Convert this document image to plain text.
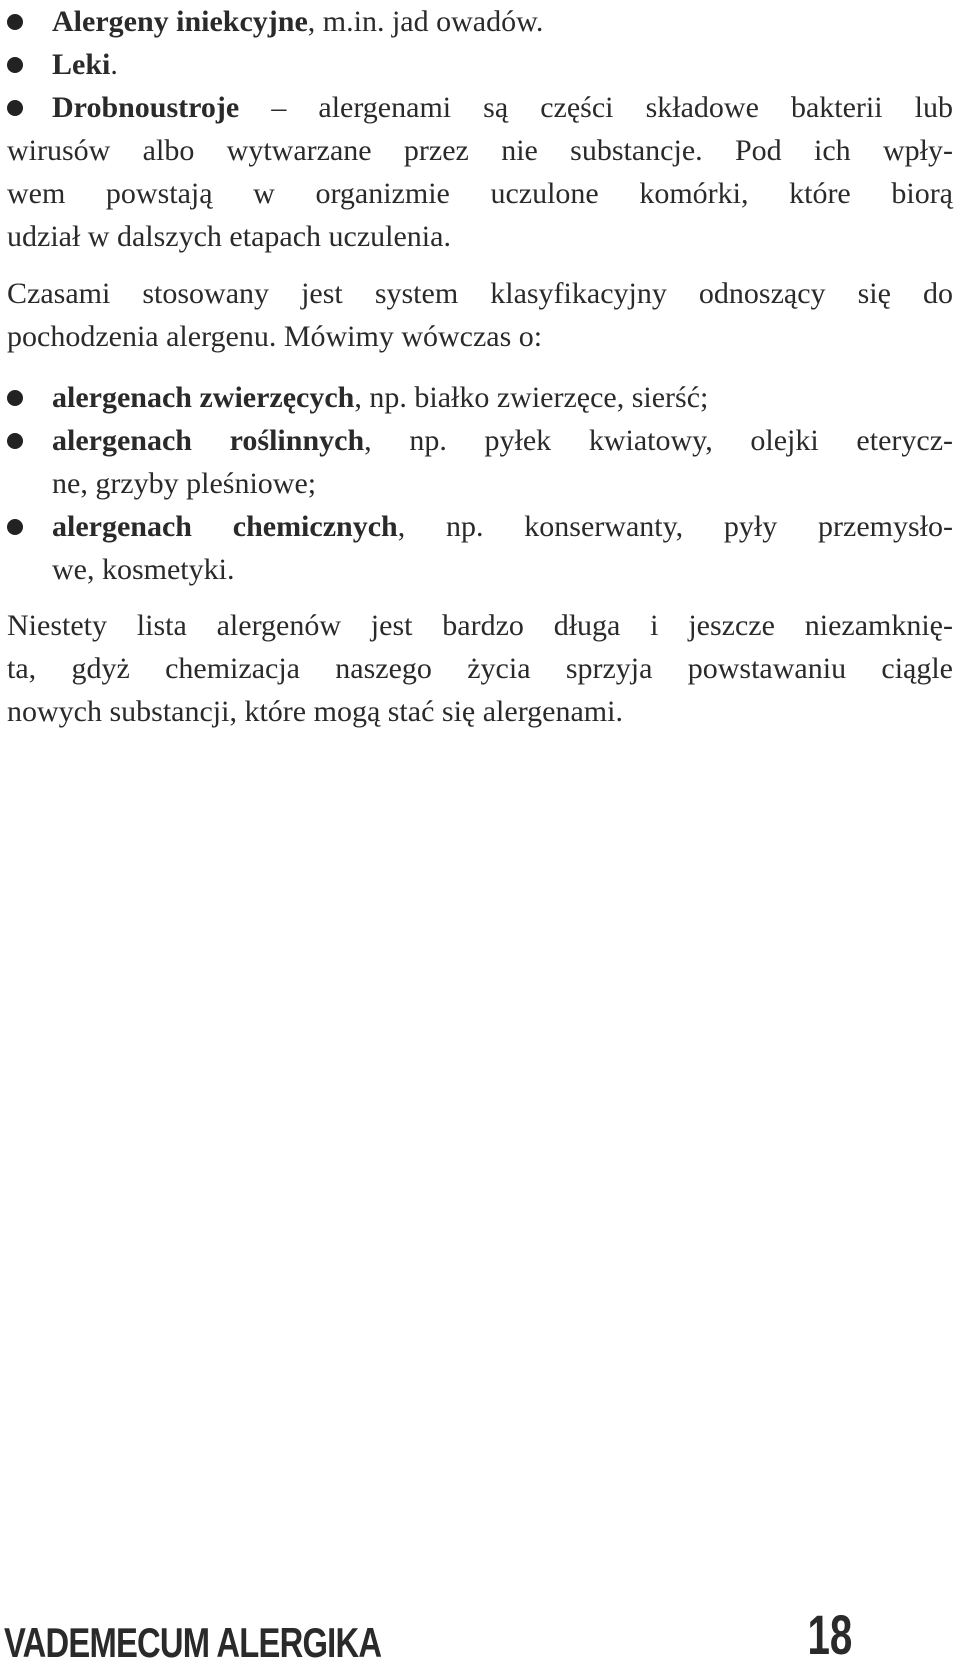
Alergeny iniekcyjne, m.in. jad owadów.
Leki.
Drobnoustroje – alergenami są części składowe bakterii lub
wirusów albo wytwarzane przez nie substancje. Pod ich wpły-
wem powstają w organizmie uczulone komórki, które biorą
udział w dalszych etapach uczulenia.

Czasami stosowany jest system klasyfikacyjny odnoszący się do
pochodzenia alergenu. Mówimy wówczas o:

alergenach zwierzęcych, np. białko zwierzęce, sierść;
alergenach roślinnych, np. pyłek kwiatowy, olejki eterycz-
ne, grzyby pleśniowe;
alergenach chemicznych, np. konserwanty, pyły przemysło-
we, kosmetyki.

Niestety lista alergenów jest bardzo długa i jeszcze niezamknię-
ta, gdyż chemizacja naszego życia sprzyja powstawaniu ciągle
nowych substancji, które mogą stać się alergenami.

VADEMECUM ALERGIKA	18
